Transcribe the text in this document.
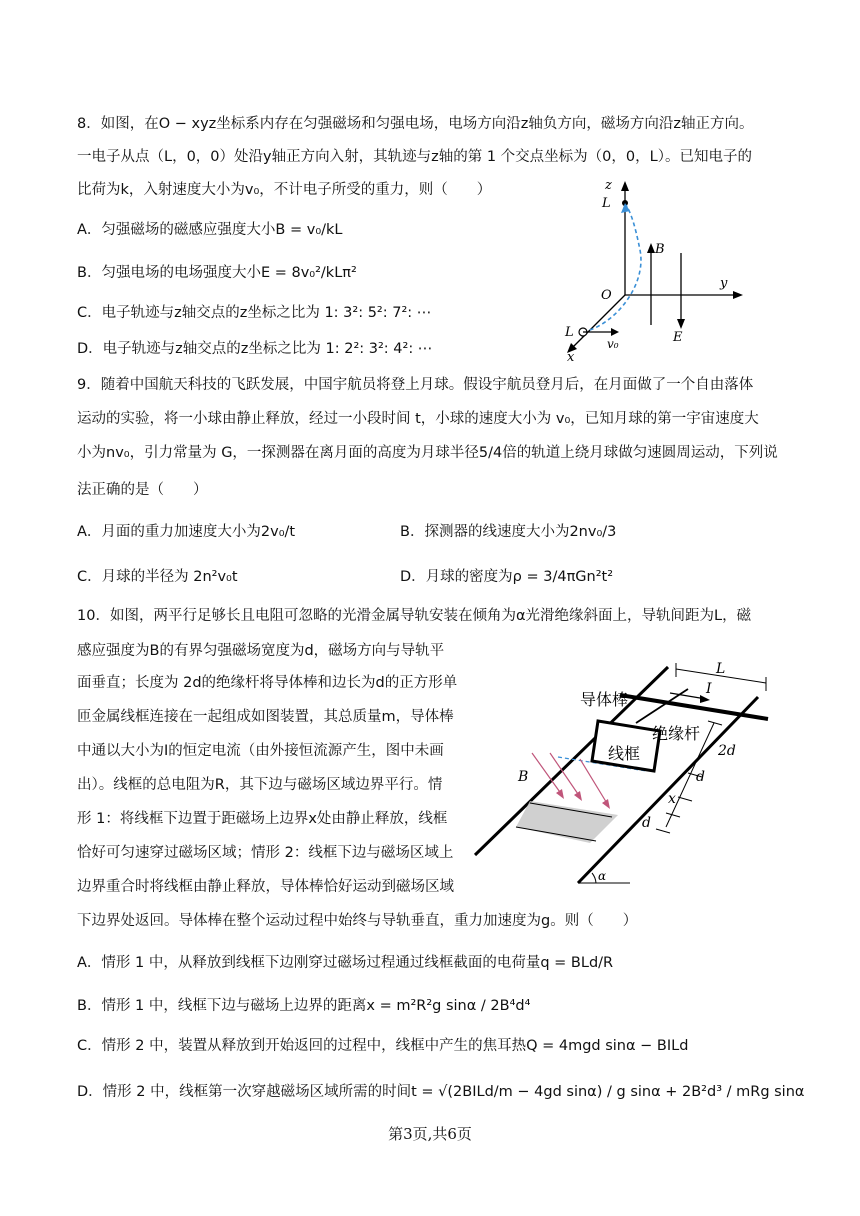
8．如图，在O − xyz坐标系内存在匀强磁场和匀强电场，电场方向沿z轴负方向，磁场方向沿z轴正方向。
一电子从点（L，0，0）处沿y轴正方向入射，其轨迹与z轴的第 1 个交点坐标为（0，0，L）。已知电子的
比荷为k，入射速度大小为v₀，不计电子所受的重力，则（　　）
A．匀强磁场的磁感应强度大小B = v₀/kL
B．匀强电场的电场强度大小E = 8v₀²/kLπ²
C．电子轨迹与z轴交点的z坐标之比为 1: 3²: 5²: 7²: ⋯
D．电子轨迹与z轴交点的z坐标之比为 1: 2²: 3²: 4²: ⋯
z
y
x
O
L
L
v₀
B
E
9．随着中国航天科技的飞跃发展，中国宇航员将登上月球。假设宇航员登月后，在月面做了一个自由落体
运动的实验，将一小球由静止释放，经过一小段时间 t，小球的速度大小为 v₀，已知月球的第一宇宙速度大
小为nv₀，引力常量为 G，一探测器在离月面的高度为月球半径5/4倍的轨道上绕月球做匀速圆周运动，下列说
法正确的是（　　）
A．月面的重力加速度大小为2v₀/t	B．探测器的线速度大小为2nv₀/3
C．月球的半径为 2n²v₀t	D．月球的密度为ρ = 3/4πGn²t²
10．如图，两平行足够长且电阻可忽略的光滑金属导轨安装在倾角为α光滑绝缘斜面上，导轨间距为L，磁
感应强度为B的有界匀强磁场宽度为d，磁场方向与导轨平
面垂直；长度为 2d的绝缘杆将导体棒和边长为d的正方形单
匝金属线框连接在一起组成如图装置，其总质量m，导体棒
中通以大小为I的恒定电流（由外接恒流源产生，图中未画
出）。线框的总电阻为R，其下边与磁场区域边界平行。情
形 1：将线框下边置于距磁场上边界x处由静止释放，线框
恰好可匀速穿过磁场区域；情形 2：线框下边与磁场区域上
边界重合时将线框由静止释放，导体棒恰好运动到磁场区域
下边界处返回。导体棒在整个运动过程中始终与导轨垂直，重力加速度为g。则（　　）
A．情形 1 中，从释放到线框下边刚穿过磁场过程通过线框截面的电荷量q = BLd/R
B．情形 1 中，线框下边与磁场上边界的距离x = m²R²g sinα / 2B⁴d⁴
C．情形 2 中，装置从释放到开始返回的过程中，线框中产生的焦耳热Q = 4mgd sinα − BILd
D．情形 2 中，线框第一次穿越磁场区域所需的时间t = √(2BILd/m − 4gd sinα) / g sinα + 2B²d³ / mRg sinα
α
B
线框
绝缘杆
导体棒
I
L
2d
d
x
d
第3页,共6页
